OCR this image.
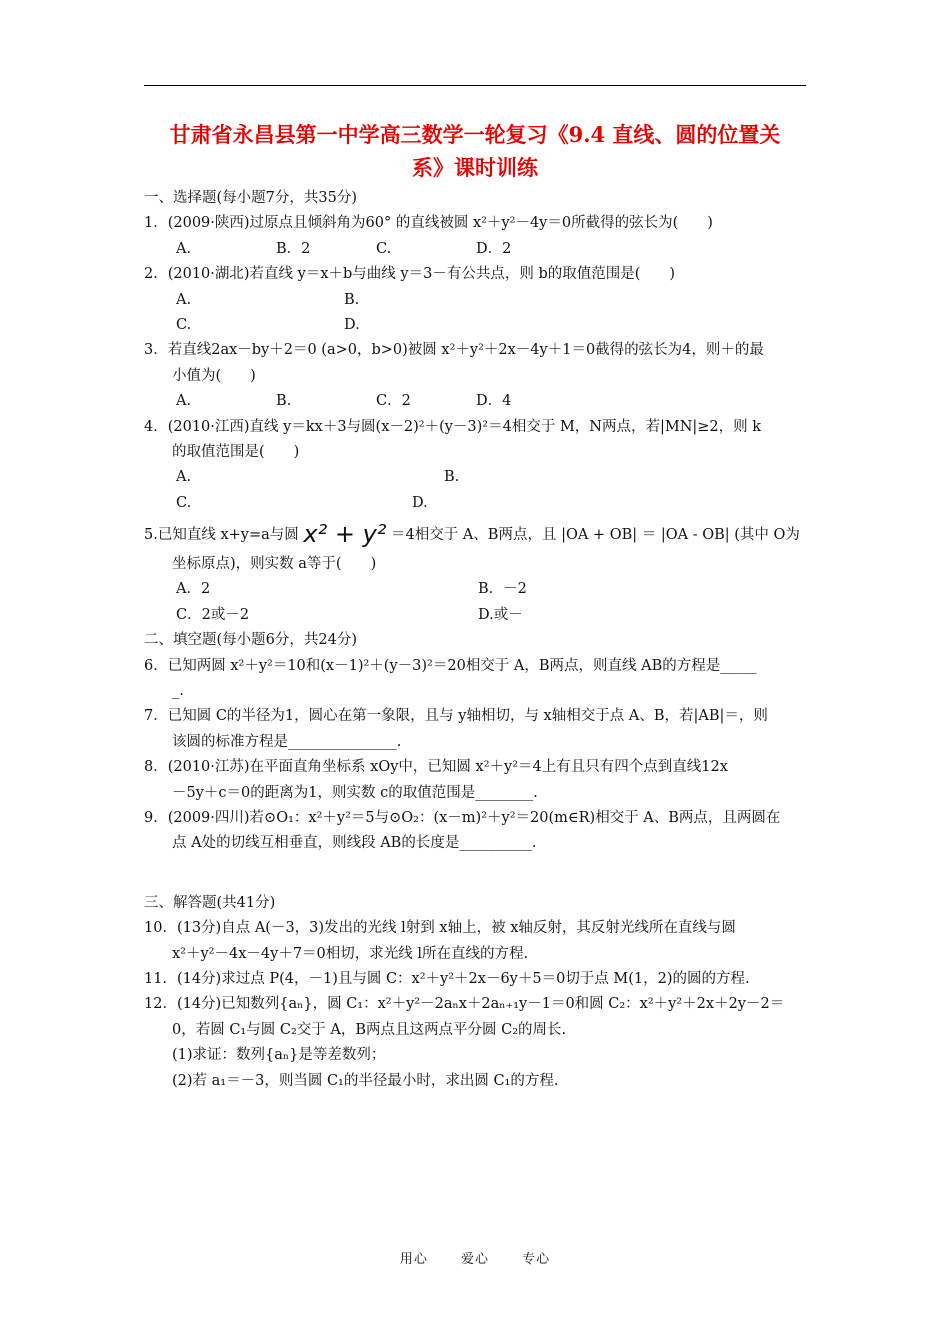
甘肃省永昌县第一中学高三数学一轮复习《9.4 直线、圆的位置关
系》课时训练
一、选择题(每小题7分，共35分)
1．(2009·陕西)过原点且倾斜角为60° 的直线被圆 x²＋y²－4y＝0所截得的弦长为(　　)
A.	B．2	C.	D．2
2．(2010·湖北)若直线 y＝x＋b与曲线 y＝3－有公共点，则 b的取值范围是(　　)
A.	B.
C.	D.
3．若直线2ax－by＋2＝0 (a>0，b>0)被圆 x²＋y²＋2x－4y＋1＝0截得的弦长为4，则＋的最
小值为(　　)
A.	B.	C．2	D．4
4．(2010·江西)直线 y＝kx＋3与圆(x－2)²＋(y－3)²＝4相交于 M，N两点，若|MN|≥2，则 k
的取值范围是(　　)
A.	B.
C.	D.
5.已知直线 x+y=a与圆 x² + y² ＝4相交于 A、B两点，且 |OA + OB| ＝ |OA - OB| (其中 O为
坐标原点)，则实数 a等于(　　)
A．2	B．－2
C．2或－2	D.或－
二、填空题(每小题6分，共24分)
6．已知两圆 x²＋y²＝10和(x－1)²＋(y－3)²＝20相交于 A，B两点，则直线 AB的方程是_____
_.
7．已知圆 C的半径为1，圆心在第一象限，且与 y轴相切，与 x轴相交于点 A、B，若|AB|＝，则
该圆的标准方程是_______________.
8．(2010·江苏)在平面直角坐标系 xOy中，已知圆 x²＋y²＝4上有且只有四个点到直线12x
－5y＋c＝0的距离为1，则实数 c的取值范围是________.
9．(2009·四川)若⊙O₁：x²＋y²＝5与⊙O₂：(x－m)²＋y²＝20(m∈R)相交于 A、B两点，且两圆在
点 A处的切线互相垂直，则线段 AB的长度是__________.
三、解答题(共41分)
10．(13分)自点 A(－3，3)发出的光线 l射到 x轴上，被 x轴反射，其反射光线所在直线与圆
x²＋y²－4x－4y＋7＝0相切，求光线 l所在直线的方程.
11．(14分)求过点 P(4，－1)且与圆 C：x²＋y²＋2x－6y＋5＝0切于点 M(1，2)的圆的方程.
12．(14分)已知数列{aₙ}，圆 C₁：x²＋y²－2aₙx＋2aₙ₊₁y－1＝0和圆 C₂：x²＋y²＋2x＋2y－2＝
0，若圆 C₁与圆 C₂交于 A，B两点且这两点平分圆 C₂的周长.
(1)求证：数列{aₙ}是等差数列；
(2)若 a₁＝－3，则当圆 C₁的半径最小时，求出圆 C₁的方程.
用心	爱心	专心
